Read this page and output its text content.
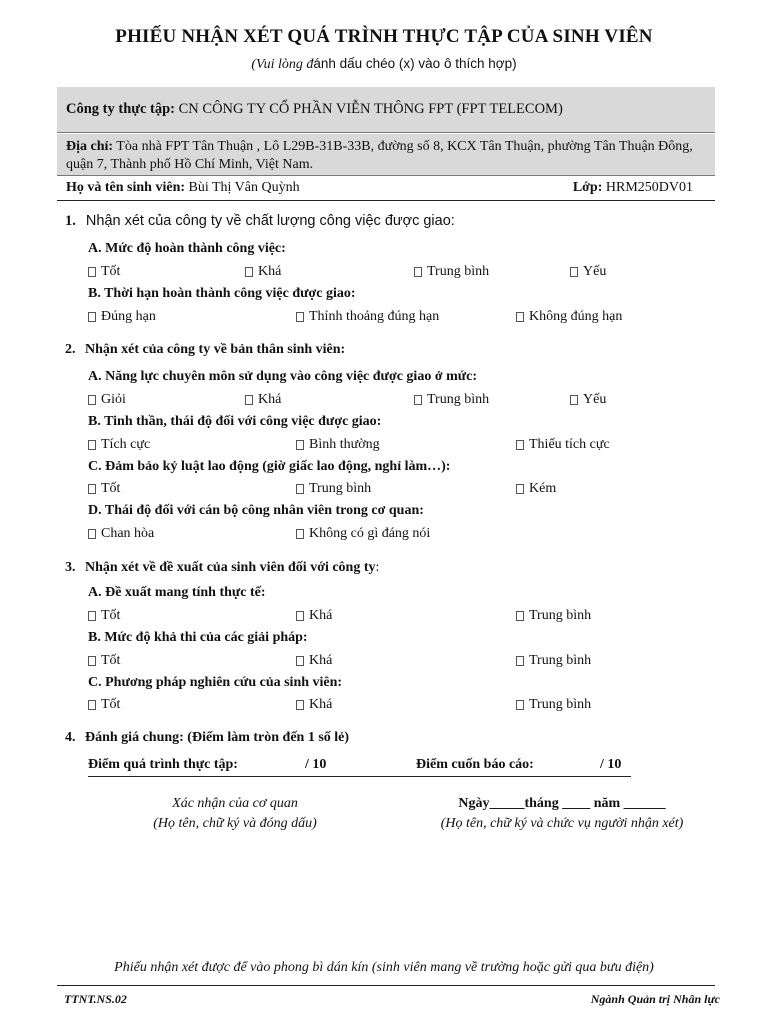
PHIẾU NHẬN XÉT QUÁ TRÌNH THỰC TẬP CỦA SINH VIÊN
(Vui lòng đánh dấu chéo (x) vào ô thích hợp)
Công ty thực tập: CN CÔNG TY CỔ PHẦN VIỄN THÔNG FPT (FPT TELECOM)
Địa chỉ: Tòa nhà FPT Tân Thuận , Lô L29B-31B-33B, đường số 8, KCX Tân Thuận, phường Tân Thuận Đông, quận 7, Thành phố Hồ Chí Minh, Việt Nam.
Họ và tên sinh viên: Bùi Thị Vân Quỳnh	Lớp: HRM250DV01
1. Nhận xét của công ty về chất lượng công việc được giao:
A. Mức độ hoàn thành công việc:
Tốt	Khá	Trung bình	Yếu
B. Thời hạn hoàn thành công việc được giao:
Đúng hạn	Thỉnh thoảng đúng hạn	Không đúng hạn
2. Nhận xét của công ty về bản thân sinh viên:
A. Năng lực chuyên môn sử dụng vào công việc được giao ở mức:
Giỏi	Khá	Trung bình	Yếu
B. Tinh thần, thái độ đối với công việc được giao:
Tích cực	Bình thường	Thiếu tích cực
C. Đảm bảo kỷ luật lao động (giờ giấc lao động, nghỉ làm…):
Tốt	Trung bình	Kém
D. Thái độ đối với cán bộ công nhân viên trong cơ quan:
Chan hòa	Không có gì đáng nói
3. Nhận xét về đề xuất của sinh viên đối với công ty:
A. Đề xuất mang tính thực tế:
Tốt	Khá	Trung bình
B. Mức độ khả thi của các giải pháp:
Tốt	Khá	Trung bình
C. Phương pháp nghiên cứu của sinh viên:
Tốt	Khá	Trung bình
4. Đánh giá chung: (Điểm làm tròn đến 1 số lẻ)
Điểm quá trình thực tập:	/ 10	Điểm cuốn báo cáo:	/ 10
Xác nhận của cơ quan
(Họ tên, chữ ký và đóng dấu)
Ngày_____tháng ____ năm ______
(Họ tên, chữ ký và chức vụ người nhận xét)
Phiếu nhận xét được để vào phong bì dán kín (sinh viên mang về trường hoặc gửi qua bưu điện)
TTNT.NS.02	Ngành Quản trị Nhân lực
